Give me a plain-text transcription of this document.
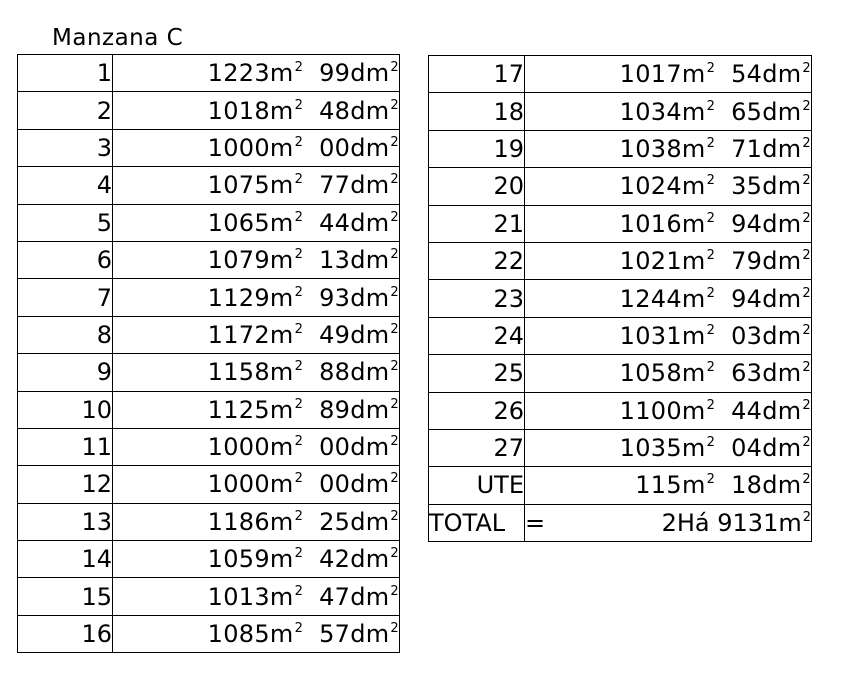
Manzana C
1	$1223m^2$ $99dm^2$
2	$1018m^2$ $48dm^2$
3	$1000m^2$ $00dm^2$
4	$1075m^2$ $77dm^2$
5	$1065m^2$ $44dm^2$
6	$1079m^2$ $13dm^2$
7	$1129m^2$ $93dm^2$
8	$1172m^2$ $49dm^2$
9	$1158m^2$ $88dm^2$
10	$1125m^2$ $89dm^2$
11	$1000m^2$ $00dm^2$
12	$1000m^2$ $00dm^2$
13	$1186m^2$ $25dm^2$
14	$1059m^2$ $42dm^2$
15	$1013m^2$ $47dm^2$
16	$1085m^2$ $57dm^2$
17	$1017m^2$ $54dm^2$
18	$1034m^2$ $65dm^2$
19	$1038m^2$ $71dm^2$
20	$1024m^2$ $35dm^2$
21	$1016m^2$ $94dm^2$
22	$1021m^2$ $79dm^2$
23	$1244m^2$ $94dm^2$
24	$1031m^2$ $03dm^2$
25	$1058m^2$ $63dm^2$
26	$1100m^2$ $44dm^2$
27	$1035m^2$ $04dm^2$
UTE	$115m^2$ $18dm^2$
TOTAL	= 2Há $9131m^2$
